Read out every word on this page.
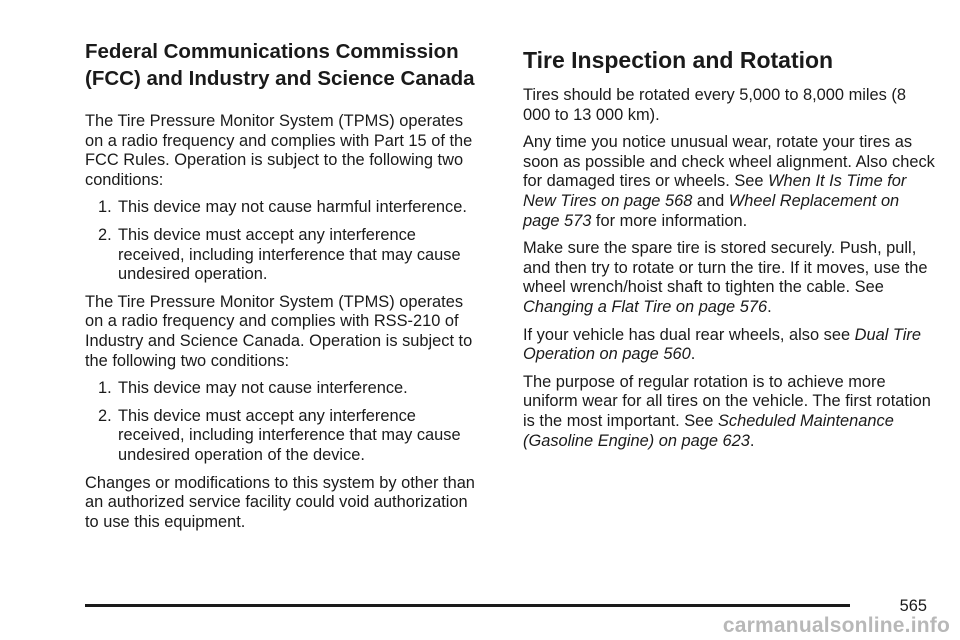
Federal Communications Commission (FCC) and Industry and Science Canada

The Tire Pressure Monitor System (TPMS) operates on a radio frequency and complies with Part 15 of the FCC Rules. Operation is subject to the following two conditions:

1. This device may not cause harmful interference.
2. This device must accept any interference received, including interference that may cause undesired operation.

The Tire Pressure Monitor System (TPMS) operates on a radio frequency and complies with RSS-210 of Industry and Science Canada. Operation is subject to the following two conditions:

1. This device may not cause interference.
2. This device must accept any interference received, including interference that may cause undesired operation of the device.

Changes or modifications to this system by other than an authorized service facility could void authorization to use this equipment.

Tire Inspection and Rotation

Tires should be rotated every 5,000 to 8,000 miles (8 000 to 13 000 km).

Any time you notice unusual wear, rotate your tires as soon as possible and check wheel alignment. Also check for damaged tires or wheels. See When It Is Time for New Tires on page 568 and Wheel Replacement on page 573 for more information.

Make sure the spare tire is stored securely. Push, pull, and then try to rotate or turn the tire. If it moves, use the wheel wrench/hoist shaft to tighten the cable. See Changing a Flat Tire on page 576.

If your vehicle has dual rear wheels, also see Dual Tire Operation on page 560.

The purpose of regular rotation is to achieve more uniform wear for all tires on the vehicle. The first rotation is the most important. See Scheduled Maintenance (Gasoline Engine) on page 623.

565
carmanualsonline.info
